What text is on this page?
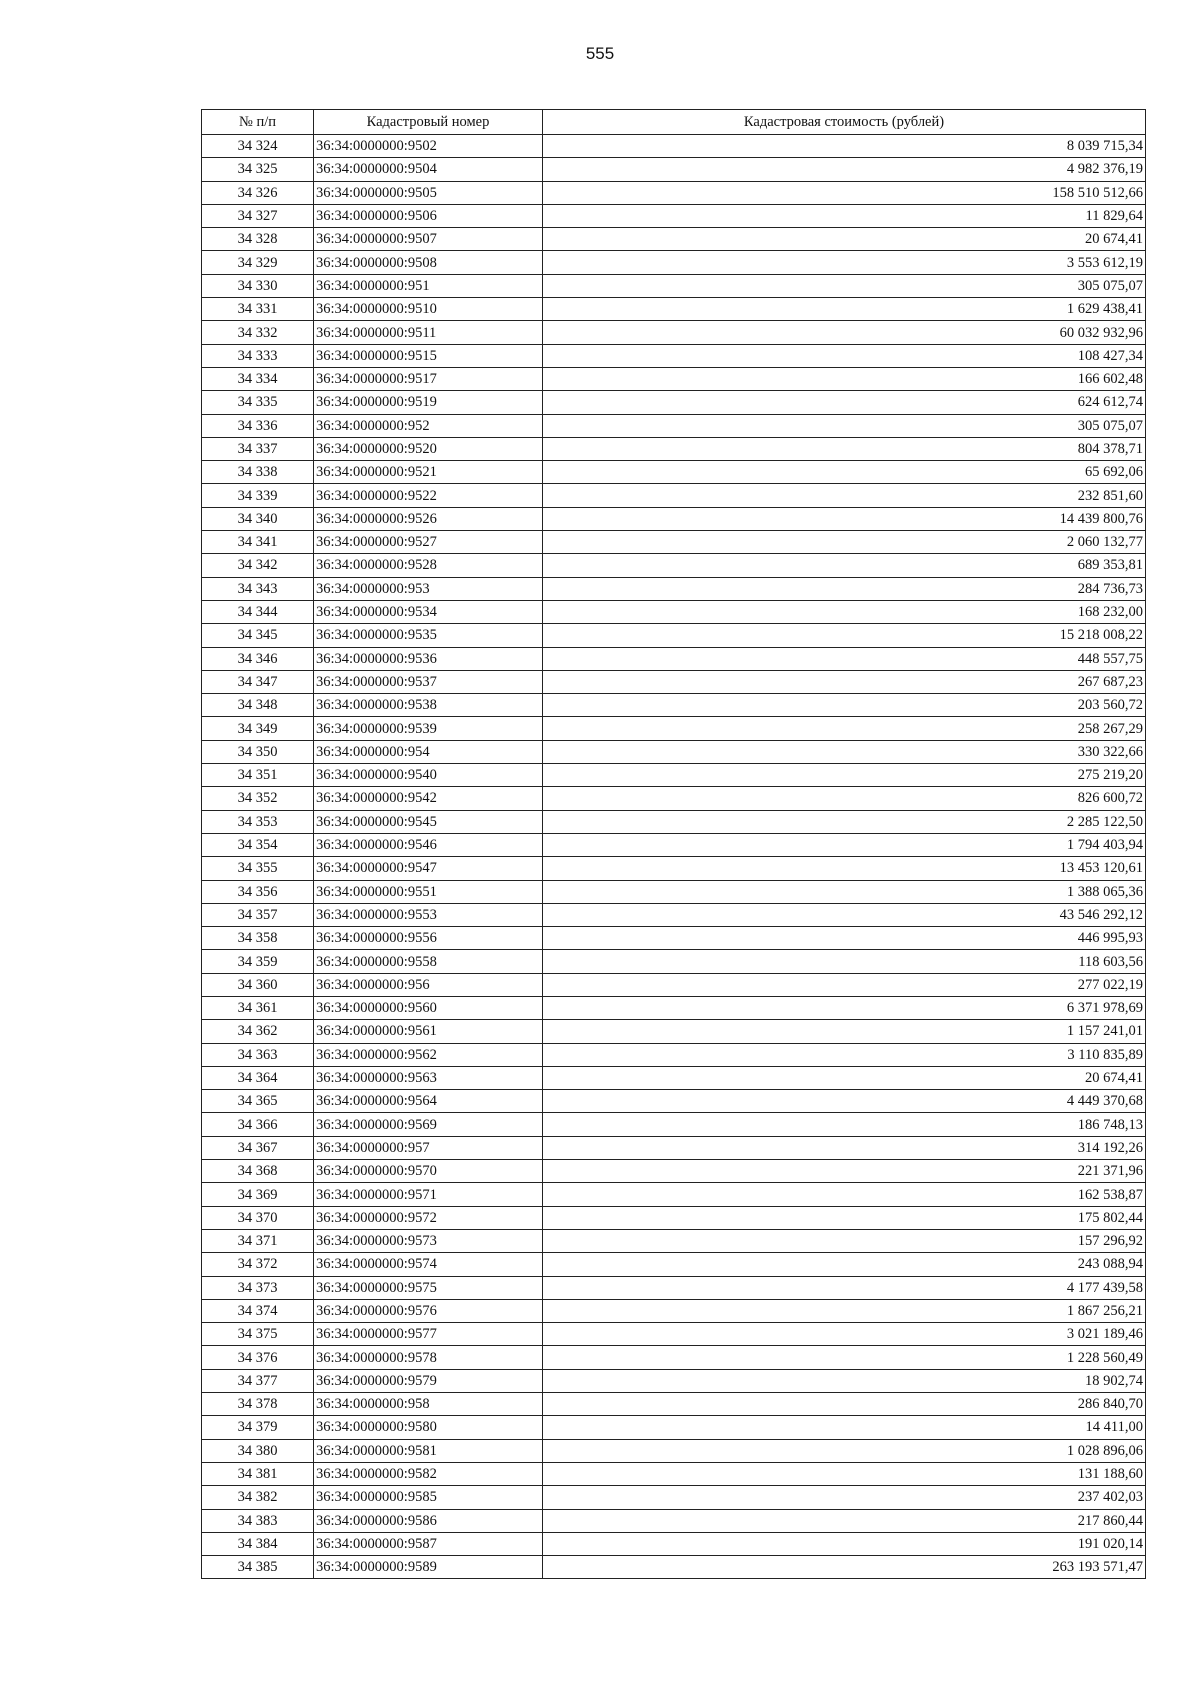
555
№ п/п	Кадастровый номер	Кадастровая стоимость (рублей)
34 324	36:34:0000000:9502	8 039 715,34
34 325	36:34:0000000:9504	4 982 376,19
34 326	36:34:0000000:9505	158 510 512,66
34 327	36:34:0000000:9506	11 829,64
34 328	36:34:0000000:9507	20 674,41
34 329	36:34:0000000:9508	3 553 612,19
34 330	36:34:0000000:951	305 075,07
34 331	36:34:0000000:9510	1 629 438,41
34 332	36:34:0000000:9511	60 032 932,96
34 333	36:34:0000000:9515	108 427,34
34 334	36:34:0000000:9517	166 602,48
34 335	36:34:0000000:9519	624 612,74
34 336	36:34:0000000:952	305 075,07
34 337	36:34:0000000:9520	804 378,71
34 338	36:34:0000000:9521	65 692,06
34 339	36:34:0000000:9522	232 851,60
34 340	36:34:0000000:9526	14 439 800,76
34 341	36:34:0000000:9527	2 060 132,77
34 342	36:34:0000000:9528	689 353,81
34 343	36:34:0000000:953	284 736,73
34 344	36:34:0000000:9534	168 232,00
34 345	36:34:0000000:9535	15 218 008,22
34 346	36:34:0000000:9536	448 557,75
34 347	36:34:0000000:9537	267 687,23
34 348	36:34:0000000:9538	203 560,72
34 349	36:34:0000000:9539	258 267,29
34 350	36:34:0000000:954	330 322,66
34 351	36:34:0000000:9540	275 219,20
34 352	36:34:0000000:9542	826 600,72
34 353	36:34:0000000:9545	2 285 122,50
34 354	36:34:0000000:9546	1 794 403,94
34 355	36:34:0000000:9547	13 453 120,61
34 356	36:34:0000000:9551	1 388 065,36
34 357	36:34:0000000:9553	43 546 292,12
34 358	36:34:0000000:9556	446 995,93
34 359	36:34:0000000:9558	118 603,56
34 360	36:34:0000000:956	277 022,19
34 361	36:34:0000000:9560	6 371 978,69
34 362	36:34:0000000:9561	1 157 241,01
34 363	36:34:0000000:9562	3 110 835,89
34 364	36:34:0000000:9563	20 674,41
34 365	36:34:0000000:9564	4 449 370,68
34 366	36:34:0000000:9569	186 748,13
34 367	36:34:0000000:957	314 192,26
34 368	36:34:0000000:9570	221 371,96
34 369	36:34:0000000:9571	162 538,87
34 370	36:34:0000000:9572	175 802,44
34 371	36:34:0000000:9573	157 296,92
34 372	36:34:0000000:9574	243 088,94
34 373	36:34:0000000:9575	4 177 439,58
34 374	36:34:0000000:9576	1 867 256,21
34 375	36:34:0000000:9577	3 021 189,46
34 376	36:34:0000000:9578	1 228 560,49
34 377	36:34:0000000:9579	18 902,74
34 378	36:34:0000000:958	286 840,70
34 379	36:34:0000000:9580	14 411,00
34 380	36:34:0000000:9581	1 028 896,06
34 381	36:34:0000000:9582	131 188,60
34 382	36:34:0000000:9585	237 402,03
34 383	36:34:0000000:9586	217 860,44
34 384	36:34:0000000:9587	191 020,14
34 385	36:34:0000000:9589	263 193 571,47
